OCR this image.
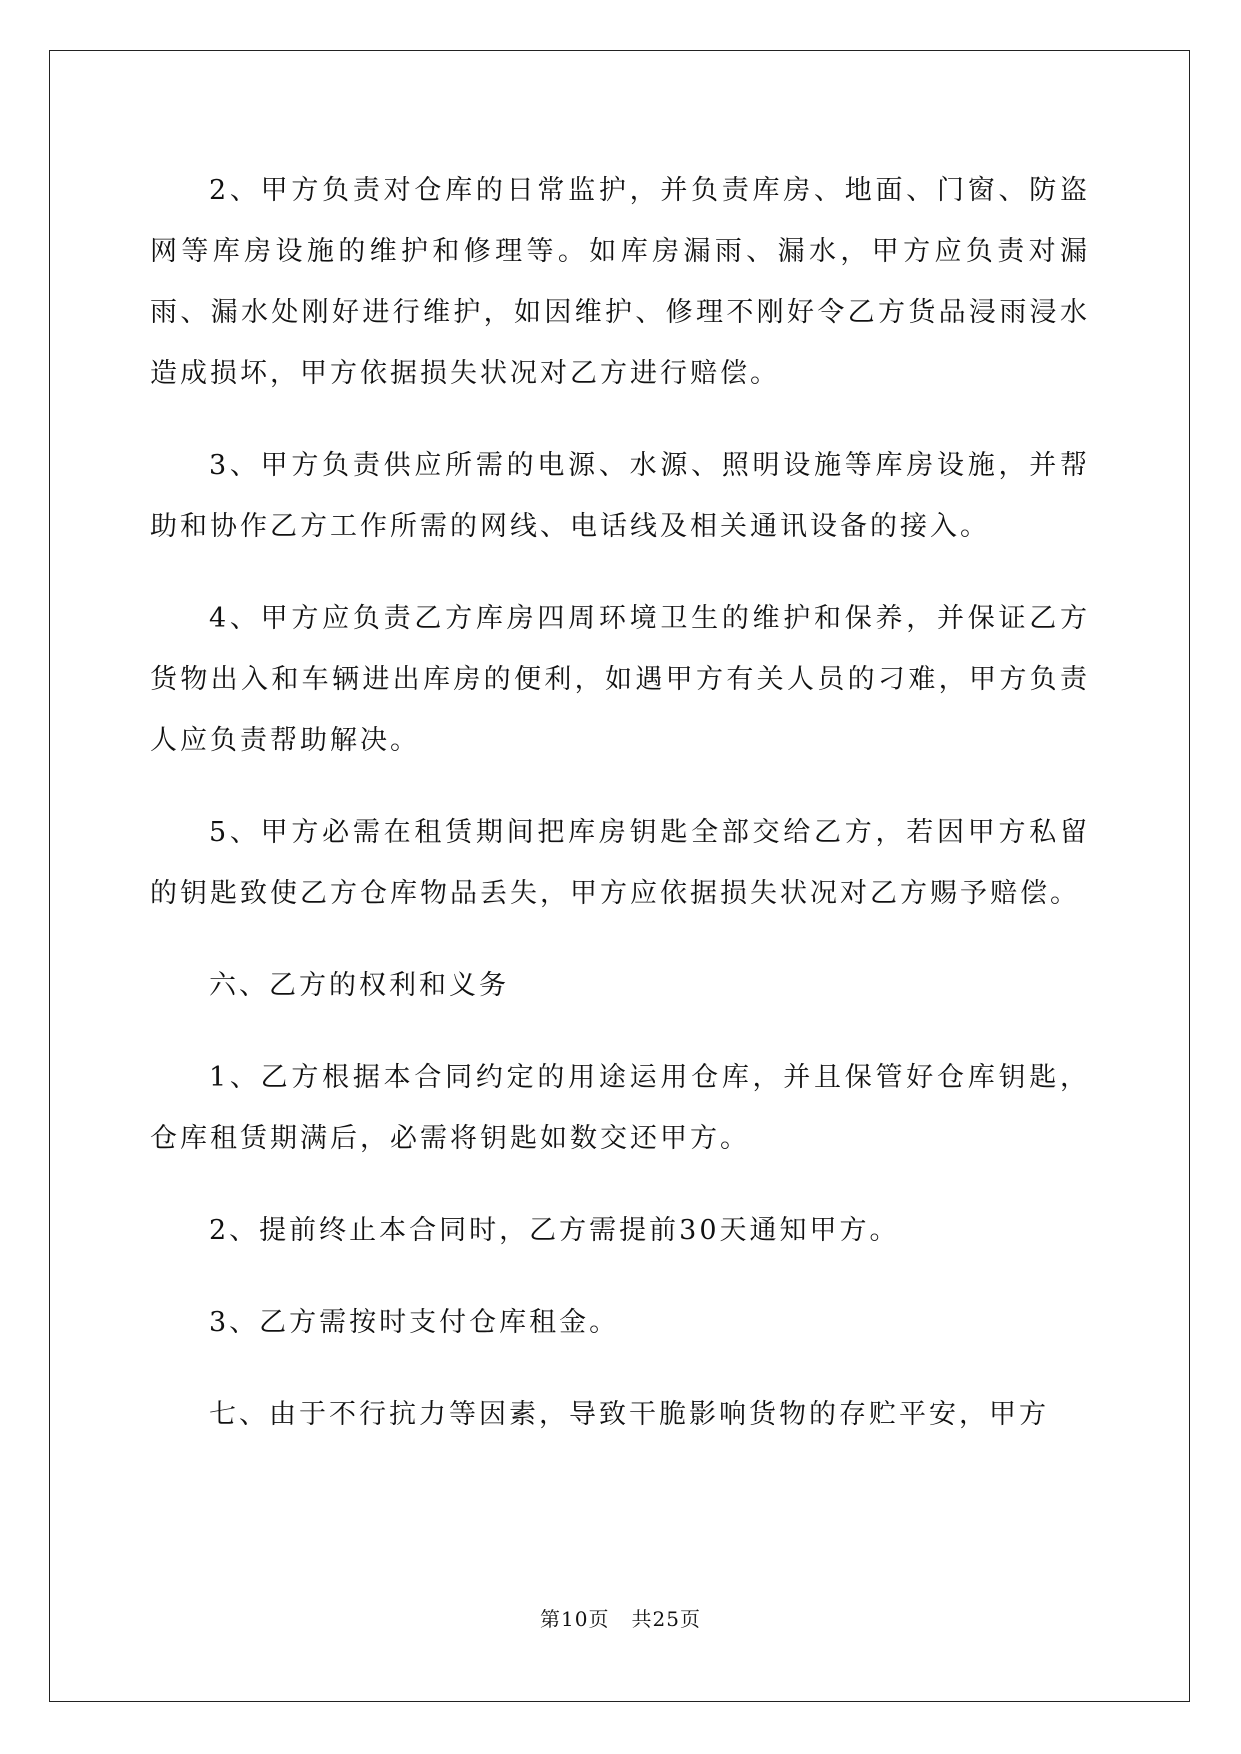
2、甲方负责对仓库的日常监护，并负责库房、地面、门窗、防盗网等库房设施的维护和修理等。如库房漏雨、漏水，甲方应负责对漏雨、漏水处刚好进行维护，如因维护、修理不刚好令乙方货品浸雨浸水造成损坏，甲方依据损失状况对乙方进行赔偿。

3、甲方负责供应所需的电源、水源、照明设施等库房设施，并帮助和协作乙方工作所需的网线、电话线及相关通讯设备的接入。

4、甲方应负责乙方库房四周环境卫生的维护和保养，并保证乙方货物出入和车辆进出库房的便利，如遇甲方有关人员的刁难，甲方负责人应负责帮助解决。

5、甲方必需在租赁期间把库房钥匙全部交给乙方，若因甲方私留的钥匙致使乙方仓库物品丢失，甲方应依据损失状况对乙方赐予赔偿。

六、乙方的权利和义务

1、乙方根据本合同约定的用途运用仓库，并且保管好仓库钥匙，仓库租赁期满后，必需将钥匙如数交还甲方。

2、提前终止本合同时，乙方需提前30天通知甲方。

3、乙方需按时支付仓库租金。

七、由于不行抗力等因素，导致干脆影响货物的存贮平安，甲方

第10页 共25页
